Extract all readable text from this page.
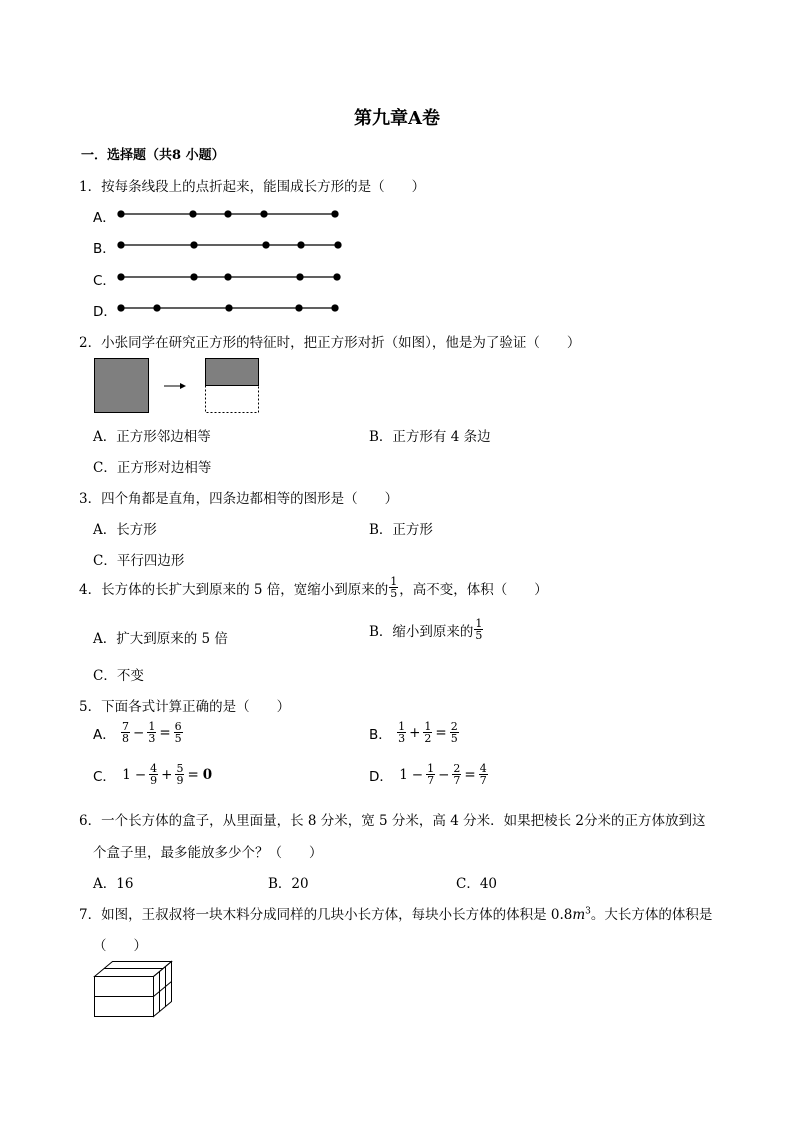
第九章A卷
一．选择题（共8 小题）
1．按每条线段上的点折起来，能围成长方形的是（　　）
A．
B．
C．
D．
2．小张同学在研究正方形的特征时，把正方形对折（如图），他是为了验证（　　）
A．正方形邻边相等	B．正方形有 4 条边
C．正方形对边相等
3．四个角都是直角，四条边都相等的图形是（　　）
A．长方形	B．正方形
C．平行四边形
4．长方体的长扩大到原来的 5 倍，宽缩小到原来的 $\frac{1}{5}$ ，高不变，体积（　　）
A．扩大到原来的 5 倍	B．缩小到原来的 $\frac{1}{5}$
C．不变
5．下面各式计算正确的是（　　）
A． $\frac{7}{8} - \frac{1}{3} = \frac{6}{5}$	B． $\frac{1}{3} + \frac{1}{2} = \frac{2}{5}$
C． $1 - \frac{4}{9} + \frac{5}{9} = 0$	D． $1 - \frac{1}{7} - \frac{2}{7} = \frac{4}{7}$
6．一个长方体的盒子，从里面量，长 8 分米，宽 5 分米，高 4 分米．如果把棱长 2分米的正方体放到这
个盒子里，最多能放多少个？（　　）
A．16	B．20	C．40
7．如图，王叔叔将一块木料分成同样的几块小长方体，每块小长方体的体积是 $0.8m^3$。大长方体的体积是
（　　）
